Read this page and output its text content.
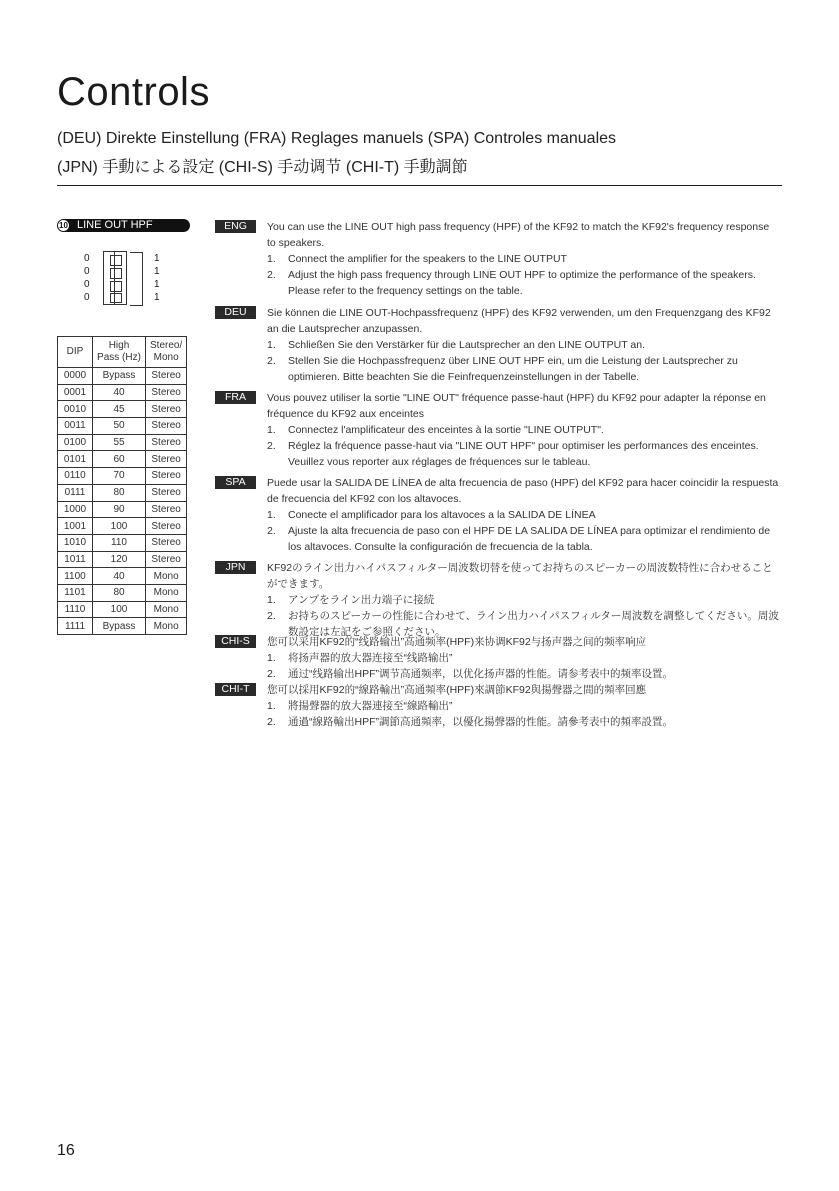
Controls
(DEU) Direkte Einstellung (FRA) Reglages manuels (SPA) Controles manuales
(JPN) 手動による設定 (CHI-S) 手动调节 (CHI-T) 手動調節
10 LINE OUT HPF
0
0
0
0
1
1
1
1
DIP	High Pass (Hz)	Stereo/ Mono
0000	Bypass	Stereo
0001	40	Stereo
0010	45	Stereo
0011	50	Stereo
0100	55	Stereo
0101	60	Stereo
0110	70	Stereo
0111	80	Stereo
1000	90	Stereo
1001	100	Stereo
1010	110	Stereo
1011	120	Stereo
1100	40	Mono
1101	80	Mono
1110	100	Mono
1111	Bypass	Mono
ENG	You can use the LINE OUT high pass frequency (HPF) of the KF92 to match the KF92's frequency response to speakers.
1. Connect the amplifier for the speakers to the LINE OUTPUT
2. Adjust the high pass frequency through LINE OUT HPF to optimize the performance of the speakers. Please refer to the frequency settings on the table.
DEU	Sie können die LINE OUT-Hochpassfrequenz (HPF) des KF92 verwenden, um den Frequenzgang des KF92 an die Lautsprecher anzupassen.
1. Schließen Sie den Verstärker für die Lautsprecher an den LINE OUTPUT an.
2. Stellen Sie die Hochpassfrequenz über LINE OUT HPF ein, um die Leistung der Lautsprecher zu optimieren. Bitte beachten Sie die Feinfrequenzeinstellungen in der Tabelle.
FRA	Vous pouvez utiliser la sortie "LINE OUT" fréquence passe-haut (HPF) du KF92 pour adapter la réponse en fréquence du KF92 aux enceintes
1. Connectez l'amplificateur des enceintes à la sortie "LINE OUTPUT".
2. Réglez la fréquence passe-haut via "LINE OUT HPF" pour optimiser les performances des enceintes. Veuillez vous reporter aux réglages de fréquences sur le tableau.
SPA	Puede usar la SALIDA DE LÍNEA de alta frecuencia de paso (HPF) del KF92 para hacer coincidir la respuesta de frecuencia del KF92 con los altavoces.
1. Conecte el amplificador para los altavoces a la SALIDA DE LÍNEA
2. Ajuste la alta frecuencia de paso con el HPF DE LA SALIDA DE LÍNEA para optimizar el rendimiento de los altavoces. Consulte la configuración de frecuencia de la tabla.
JPN	KF92のライン出力ハイパスフィルター周波数切替を使ってお持ちのスピーカーの周波数特性に合わせることができます。
1. アンプをライン出力端子に接続
2. お持ちのスピーカーの性能に合わせて、ライン出力ハイパスフィルター周波数を調整してください。周波数設定は左記をご参照ください。
CHI-S	您可以采用KF92的“线路输出”高通频率(HPF)来协调KF92与扬声器之间的频率响应
1. 将扬声器的放大器连接至“线路输出”
2. 通过“线路输出HPF”调节高通频率，以优化扬声器的性能。请参考表中的频率设置。
CHI-T	您可以採用KF92的“線路輸出”高通頻率(HPF)來調節KF92與揚聲器之間的頻率回應
1. 將揚聲器的放大器連接至“線路輸出”
2. 通過“線路輸出HPF”調節高通頻率，以優化揚聲器的性能。請參考表中的頻率設置。
16
